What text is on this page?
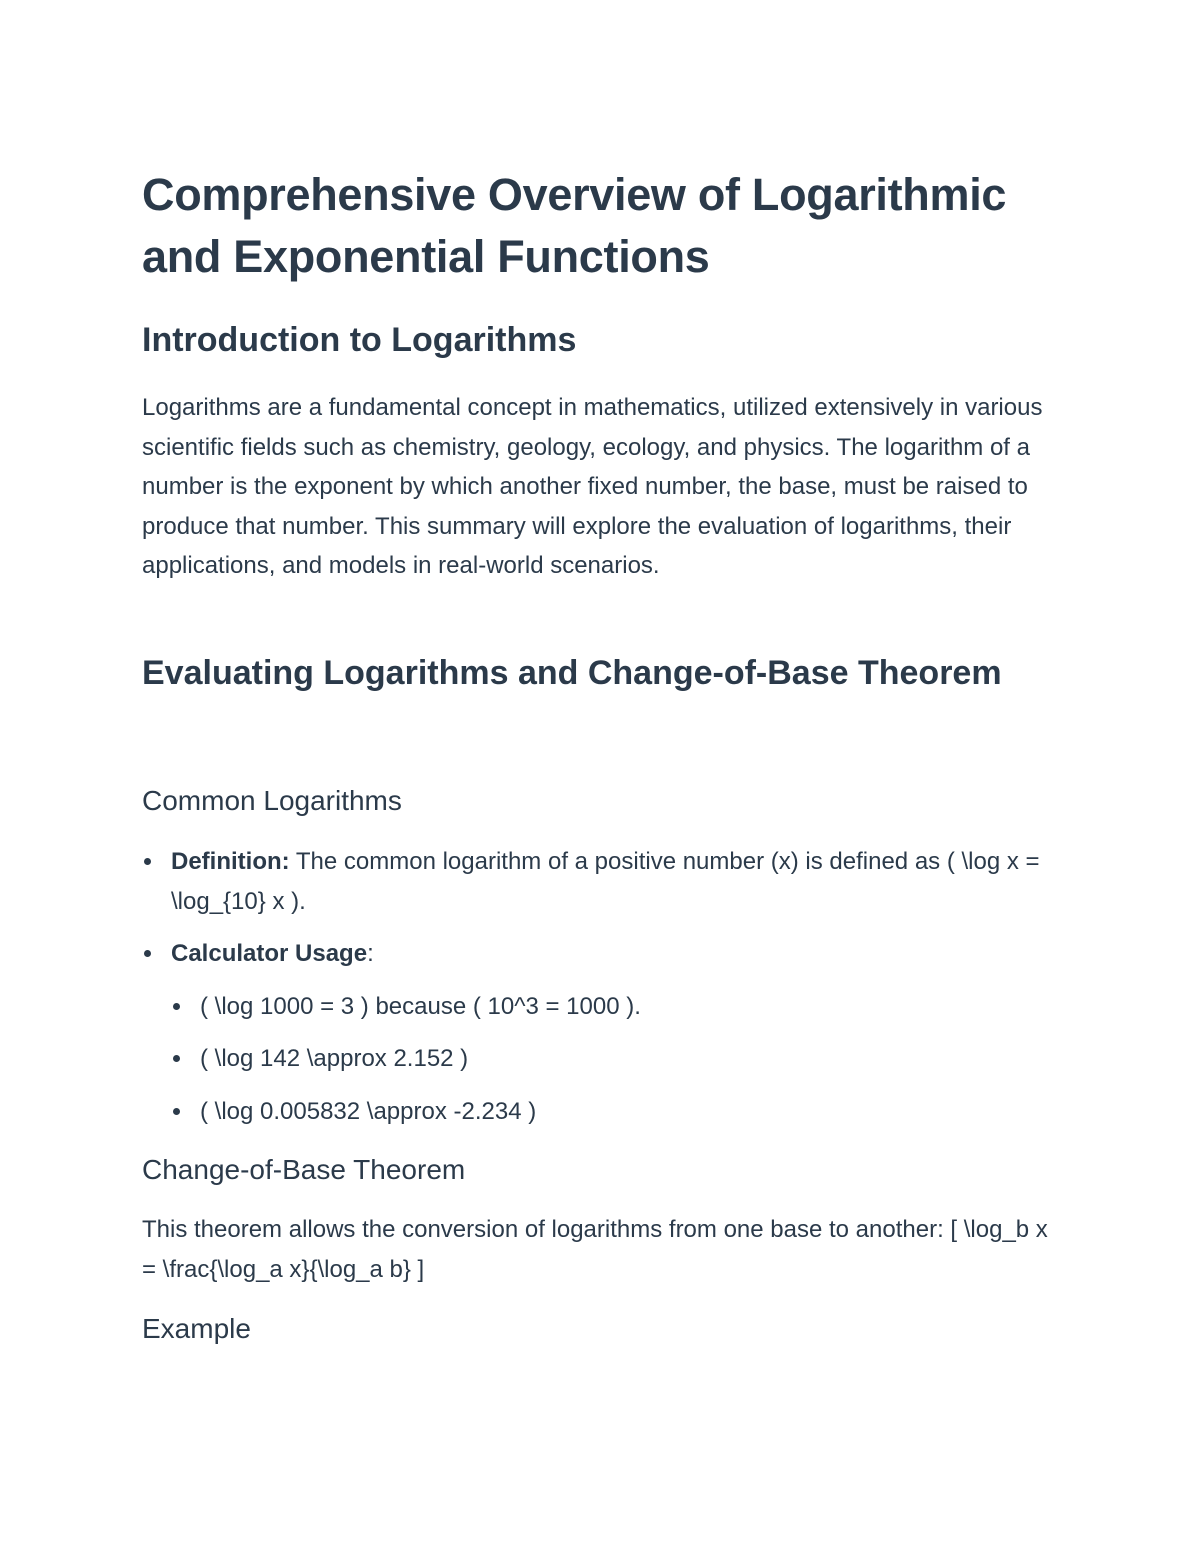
Comprehensive Overview of Logarithmic and Exponential Functions
Introduction to Logarithms

Logarithms are a fundamental concept in mathematics, utilized extensively in various scientific fields such as chemistry, geology, ecology, and physics. The logarithm of a number is the exponent by which another fixed number, the base, must be raised to produce that number. This summary will explore the evaluation of logarithms, their applications, and models in real-world scenarios.

Evaluating Logarithms and Change-of-Base Theorem
Common Logarithms
Definition: The common logarithm of a positive number (x) is defined as ( \log x = \log_{10} x ).
Calculator Usage:
( \log 1000 = 3 ) because ( 10^3 = 1000 ).
( \log 142 \approx 2.152 )
( \log 0.005832 \approx -2.234 )
Change-of-Base Theorem

This theorem allows the conversion of logarithms from one base to another: [ \log_b x = \frac{\log_a x}{\log_a b} ]

Example
